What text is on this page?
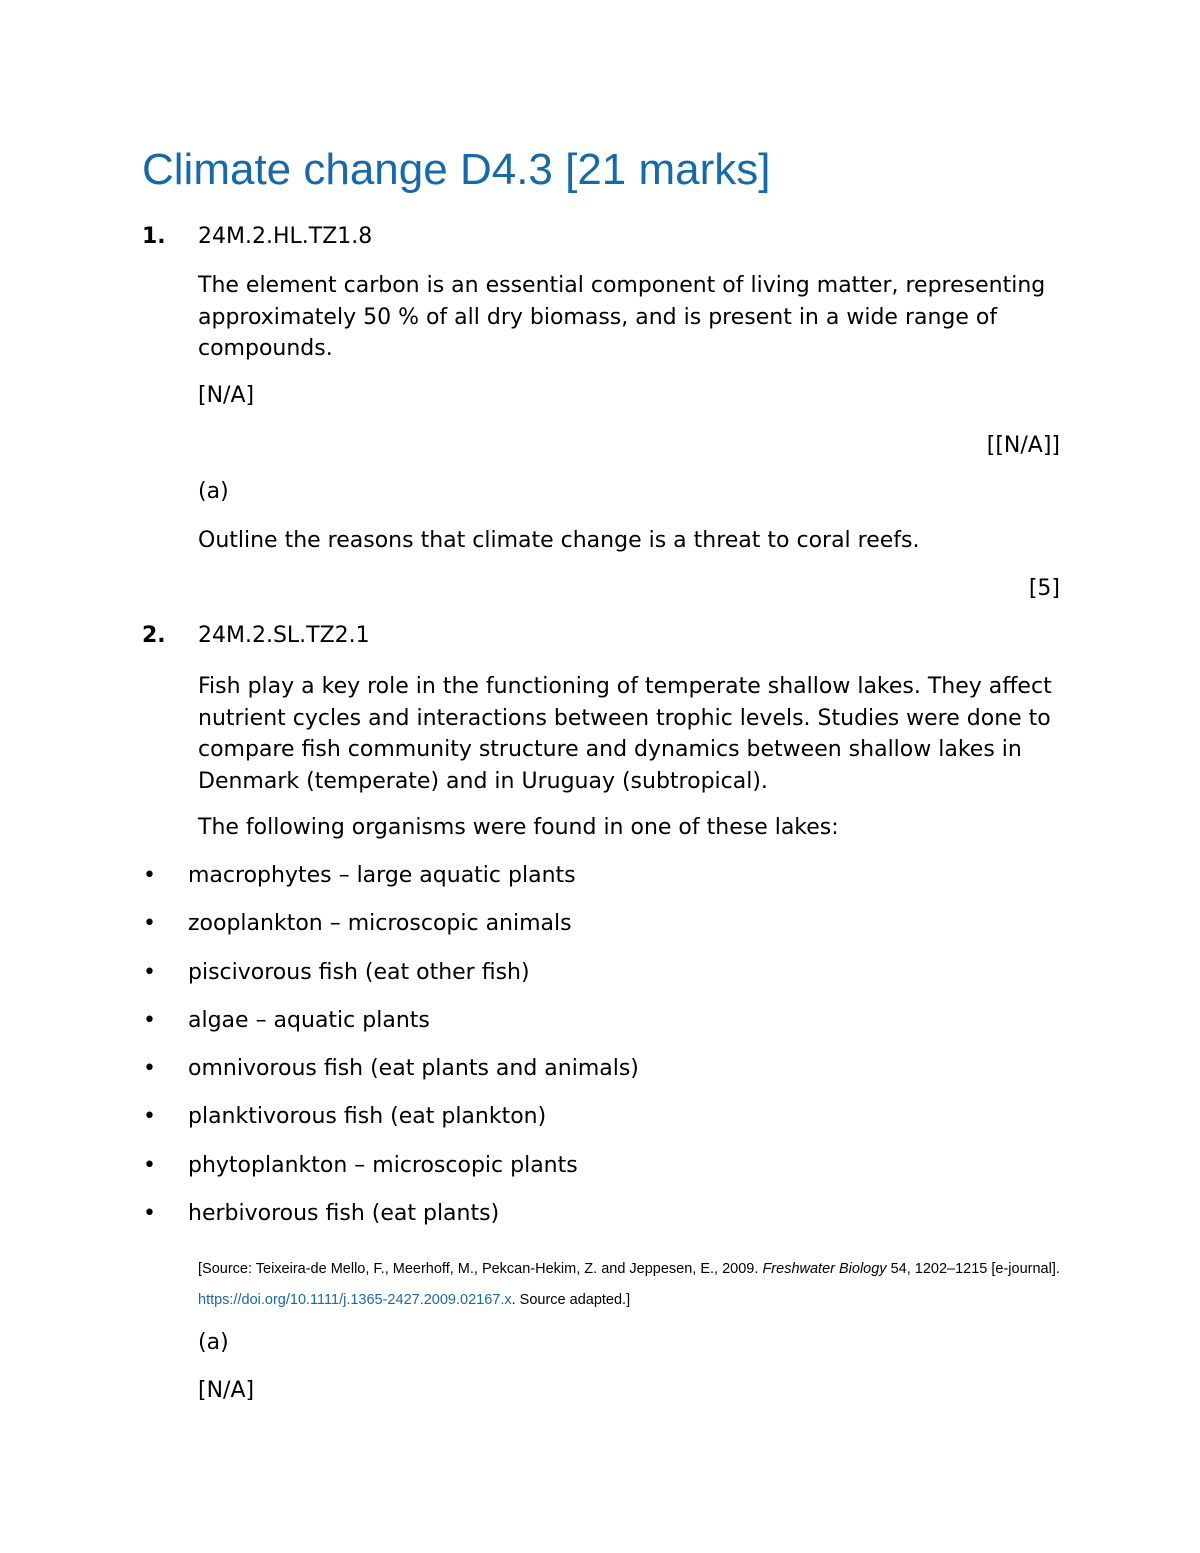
Climate change D4.3 [21 marks]
1. 24M.2.HL.TZ1.8

The element carbon is an essential component of living matter, representing approximately 50 % of all dry biomass, and is present in a wide range of compounds.

[N/A]
[[N/A]]
(a)
Outline the reasons that climate change is a threat to coral reefs.
[5]
2. 24M.2.SL.TZ2.1

Fish play a key role in the functioning of temperate shallow lakes. They affect nutrient cycles and interactions between trophic levels. Studies were done to compare fish community structure and dynamics between shallow lakes in Denmark (temperate) and in Uruguay (subtropical).

The following organisms were found in one of these lakes:
• macrophytes – large aquatic plants
• zooplankton – microscopic animals
• piscivorous fish (eat other fish)
• algae – aquatic plants
• omnivorous fish (eat plants and animals)
• planktivorous fish (eat plankton)
• phytoplankton – microscopic plants
• herbivorous fish (eat plants)

[Source: Teixeira-de Mello, F., Meerhoff, M., Pekcan-Hekim, Z. and Jeppesen, E., 2009. Freshwater Biology 54, 1202–1215 [e-journal]. https://doi.org/10.1111/j.1365-2427.2009.02167.x. Source adapted.]

(a)
[N/A]
